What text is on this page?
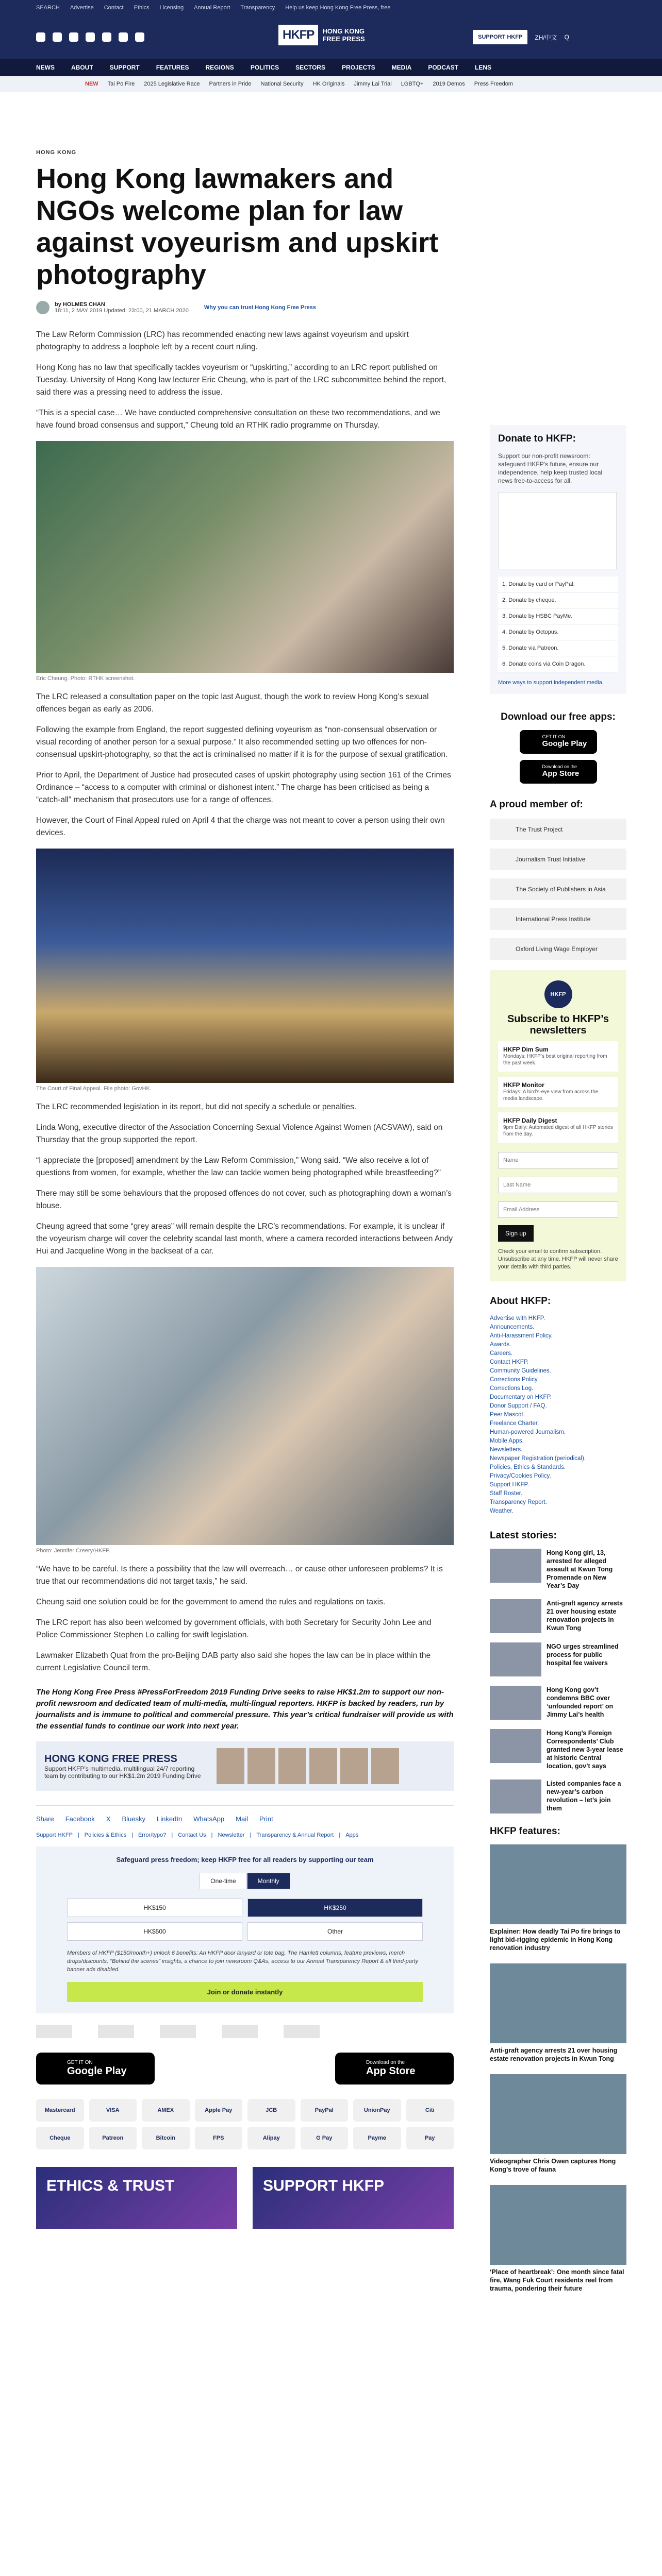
SEARCH Advertise Contact Ethics Licensing Annual Report Transparency Help us keep Hong Kong Free Press, free
HKFP	HONG KONG FREE PRESS	SUPPORT HKFP	ZH/中文 Q
NEWS	ABOUT	SUPPORT	FEATURES	REGIONS	POLITICS	SECTORS	PROJECTS	MEDIA	PODCAST	LENS
NEW Tai Po Fire 2025 Legislative Race Partners in Pride National Security HK Originals Jimmy Lai Trial LGBTQ+ 2019 Demos Press Freedom
HONG KONG
Hong Kong lawmakers and NGOs welcome plan for law against voyeurism and upskirt photography
by HOLMES CHAN
18:11, 2 MAY 2019 Updated: 23:00, 21 MARCH 2020	Why you can trust Hong Kong Free Press

The Law Reform Commission (LRC) has recommended enacting new laws against voyeurism and upskirt photography to address a loophole left by a recent court ruling.

Hong Kong has no law that specifically tackles voyeurism or “upskirting,” according to an LRC report published on Tuesday. University of Hong Kong law lecturer Eric Cheung, who is part of the LRC subcommittee behind the report, said there was a pressing need to address the issue.

“This is a special case… We have conducted comprehensive consultation on these two recommendations, and we have found broad consensus and support,” Cheung told an RTHK radio programme on Thursday.

Eric Cheung. Photo: RTHK screenshot.

The LRC released a consultation paper on the topic last August, though the work to review Hong Kong’s sexual offences began as early as 2006.

Following the example from England, the report suggested defining voyeurism as “non-consensual observation or visual recording of another person for a sexual purpose.” It also recommended setting up two offences for non-consensual upskirt-photography, so that the act is criminalised no matter if it is for the purpose of sexual gratification.

Prior to April, the Department of Justice had prosecuted cases of upskirt photography using section 161 of the Crimes Ordinance – “access to a computer with criminal or dishonest intent.” The charge has been criticised as being a “catch-all” mechanism that prosecutors use for a range of offences.

However, the Court of Final Appeal ruled on April 4 that the charge was not meant to cover a person using their own devices.

The Court of Final Appeal. File photo: GovHK.

The LRC recommended legislation in its report, but did not specify a schedule or penalties.

Linda Wong, executive director of the Association Concerning Sexual Violence Against Women (ACSVAW), said on Thursday that the group supported the report.

“I appreciate the [proposed] amendment by the Law Reform Commission,” Wong said. “We also receive a lot of questions from women, for example, whether the law can tackle women being photographed while breastfeeding?”

There may still be some behaviours that the proposed offences do not cover, such as photographing down a woman’s blouse.

Cheung agreed that some “grey areas” will remain despite the LRC’s recommendations. For example, it is unclear if the voyeurism charge will cover the celebrity scandal last month, where a camera recorded interactions between Andy Hui and Jacqueline Wong in the backseat of a car.

Photo: Jennifer Creery/HKFP.

“We have to be careful. Is there a possibility that the law will overreach… or cause other unforeseen problems? It is true that our recommendations did not target taxis,” he said.

Cheung said one solution could be for the government to amend the rules and regulations on taxis.

The LRC report has also been welcomed by government officials, with both Secretary for Security John Lee and Police Commissioner Stephen Lo calling for swift legislation.

Lawmaker Elizabeth Quat from the pro-Beijing DAB party also said she hopes the law can be in place within the current Legislative Council term.

The Hong Kong Free Press #PressForFreedom 2019 Funding Drive seeks to raise HK$1.2m to support our non-profit newsroom and dedicated team of multi-media, multi-lingual reporters. HKFP is backed by readers, run by journalists and is immune to political and commercial pressure. This year’s critical fundraiser will provide us with the essential funds to continue our work into next year.
HONG KONG FREE PRESS
Support HKFP’s multimedia, multilingual 24/7 reporting team by contributing to our HK$1.2m 2019 Funding Drive
Share Facebook X Bluesky LinkedIn WhatsApp Mail Print
Support HKFP | Policies & Ethics | Error/typo? | Contact Us | Newsletter | Transparency & Annual Report | Apps
Safeguard press freedom; keep HKFP free for all readers by supporting our team
One-time	Monthly
HK$150	HK$250
HK$500	Other
Members of HKFP ($150/month+) unlock 6 benefits: An HKFP door lanyard or tote bag, The Hamlett columns, feature previews, merch drops/discounts, “Behind the scenes” insights, a chance to join newsroom Q&As, access to our Annual Transparency Report & all third-party banner ads disabled.
Join or donate instantly
GET IT ON
Google Play
Download on the
App Store
Mastercard	VISA	AMEX	Apple Pay	JCB	PayPal	UnionPay	Citi
Cheque	Patreon	Bitcoin	FPS	Alipay	G Pay	Payme	Pay
ETHICS & TRUST	SUPPORT HKFP
Donate to HKFP:
Support our non-profit newsroom: safeguard HKFP’s future, ensure our independence, help keep trusted local news free-to-access for all.
1. Donate by card or PayPal.
2. Donate by cheque.
3. Donate by HSBC PayMe.
4. Donate by Octopus.
5. Donate via Patreon.
6. Donate coins via Coin Dragon.
More ways to support independent media.
Download our free apps:
GET IT ON
Google Play
Download on the
App Store
A proud member of:
The Trust Project
Journalism Trust Initiative
The Society of Publishers in Asia
International Press Institute
Oxford Living Wage Employer
HKFP
Subscribe to HKFP’s newsletters
HKFP Dim Sum
Mondays: HKFP’s best original reporting from the past week.
HKFP Monitor
Fridays: A bird’s-eye view from across the media landscape.
HKFP Daily Digest
9pm Daily: Automated digest of all HKFP stories from the day.
Name Last Name Email Address Sign up
Check your email to confirm subscription. Unsubscribe at any time. HKFP will never share your details with third parties.
About HKFP:
Advertise with HKFP.
Announcements.
Anti-Harassment Policy.
Awards.
Careers.
Contact HKFP.
Community Guidelines.
Corrections Policy.
Corrections Log.
Documentary on HKFP.
Donor Support / FAQ.
Peer Mascot.
Freelance Charter.
Human-powered Journalism.
Mobile Apps.
Newsletters.
Newspaper Registration (periodical).
Policies, Ethics & Standards.
Privacy/Cookies Policy.
Support HKFP.
Staff Roster.
Transparency Report.
Weather.
Latest stories:
Hong Kong girl, 13, arrested for alleged assault at Kwun Tong Promenade on New Year’s Day
Anti-graft agency arrests 21 over housing estate renovation projects in Kwun Tong
NGO urges streamlined process for public hospital fee waivers
Hong Kong gov’t condemns BBC over ‘unfounded report’ on Jimmy Lai’s health
Hong Kong’s Foreign Correspondents’ Club granted new 3-year lease at historic Central location, gov’t says
Listed companies face a new-year’s carbon revolution – let’s join them
HKFP features:
Explainer: How deadly Tai Po fire brings to light bid-rigging epidemic in Hong Kong renovation industry
Anti-graft agency arrests 21 over housing estate renovation projects in Kwun Tong
Videographer Chris Owen captures Hong Kong’s trove of fauna
‘Place of heartbreak’: One month since fatal fire, Wang Fuk Court residents reel from trauma, pondering their future
